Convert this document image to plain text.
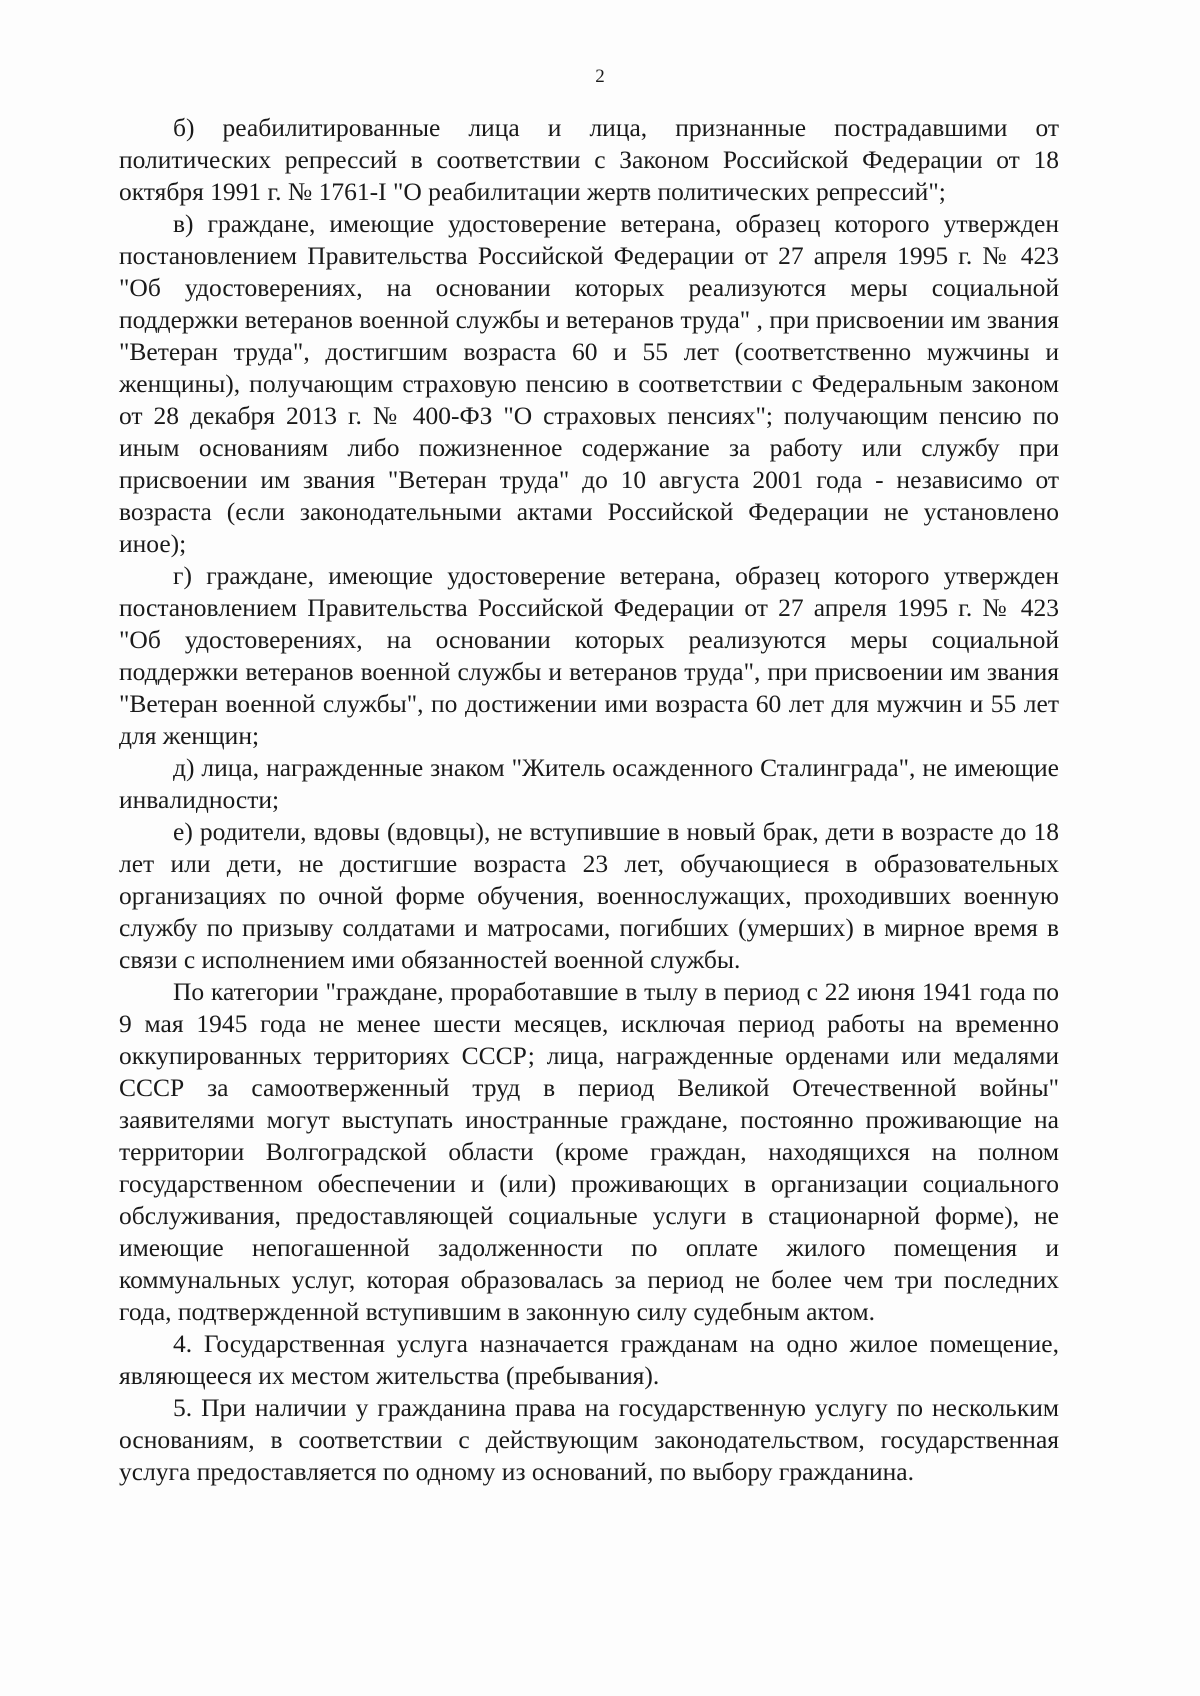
2

б) реабилитированные лица и лица, признанные пострадавшими от политических репрессий в соответствии с Законом Российской Федерации от 18 октября 1991 г. № 1761-I "О реабилитации жертв политических репрессий";

в) граждане, имеющие удостоверение ветерана, образец которого утвержден постановлением Правительства Российской Федерации от 27 апреля 1995 г. № 423 "Об удостоверениях, на основании которых реализуются меры социальной поддержки ветеранов военной службы и ветеранов труда" , при присвоении им звания "Ветеран труда", достигшим возраста 60 и 55 лет (соответственно мужчины и женщины), получающим страховую пенсию в соответствии с Федеральным законом от 28 декабря 2013 г. № 400-ФЗ "О страховых пенсиях"; получающим пенсию по иным основаниям либо пожизненное содержание за работу или службу при присвоении им звания "Ветеран труда" до 10 августа 2001 года - независимо от возраста (если законодательными актами Российской Федерации не установлено иное);

г) граждане, имеющие удостоверение ветерана, образец которого утвержден постановлением Правительства Российской Федерации от 27 апреля 1995 г. № 423 "Об удостоверениях, на основании которых реализуются меры социальной поддержки ветеранов военной службы и ветеранов труда", при присвоении им звания "Ветеран военной службы", по достижении ими возраста 60 лет для мужчин и 55 лет для женщин;

д) лица, награжденные знаком "Житель осажденного Сталинграда", не имеющие инвалидности;

е) родители, вдовы (вдовцы), не вступившие в новый брак, дети в возрасте до 18 лет или дети, не достигшие возраста 23 лет, обучающиеся в образовательных организациях по очной форме обучения, военнослужащих, проходивших военную службу по призыву солдатами и матросами, погибших (умерших) в мирное время в связи с исполнением ими обязанностей военной службы.

По категории "граждане, проработавшие в тылу в период с 22 июня 1941 года по 9 мая 1945 года не менее шести месяцев, исключая период работы на временно оккупированных территориях СССР; лица, награжденные орденами или медалями СССР за самоотверженный труд в период Великой Отечественной войны" заявителями могут выступать иностранные граждане, постоянно проживающие на территории Волгоградской области (кроме граждан, находящихся на полном государственном обеспечении и (или) проживающих в организации социального обслуживания, предоставляющей социальные услуги в стационарной форме), не имеющие непогашенной задолженности по оплате жилого помещения и коммунальных услуг, которая образовалась за период не более чем три последних года, подтвержденной вступившим в законную силу судебным актом.

4. Государственная услуга назначается гражданам на одно жилое помещение, являющееся их местом жительства (пребывания).

5. При наличии у гражданина права на государственную услугу по нескольким основаниям, в соответствии с действующим законодательством, государственная услуга предоставляется по одному из оснований, по выбору гражданина.
